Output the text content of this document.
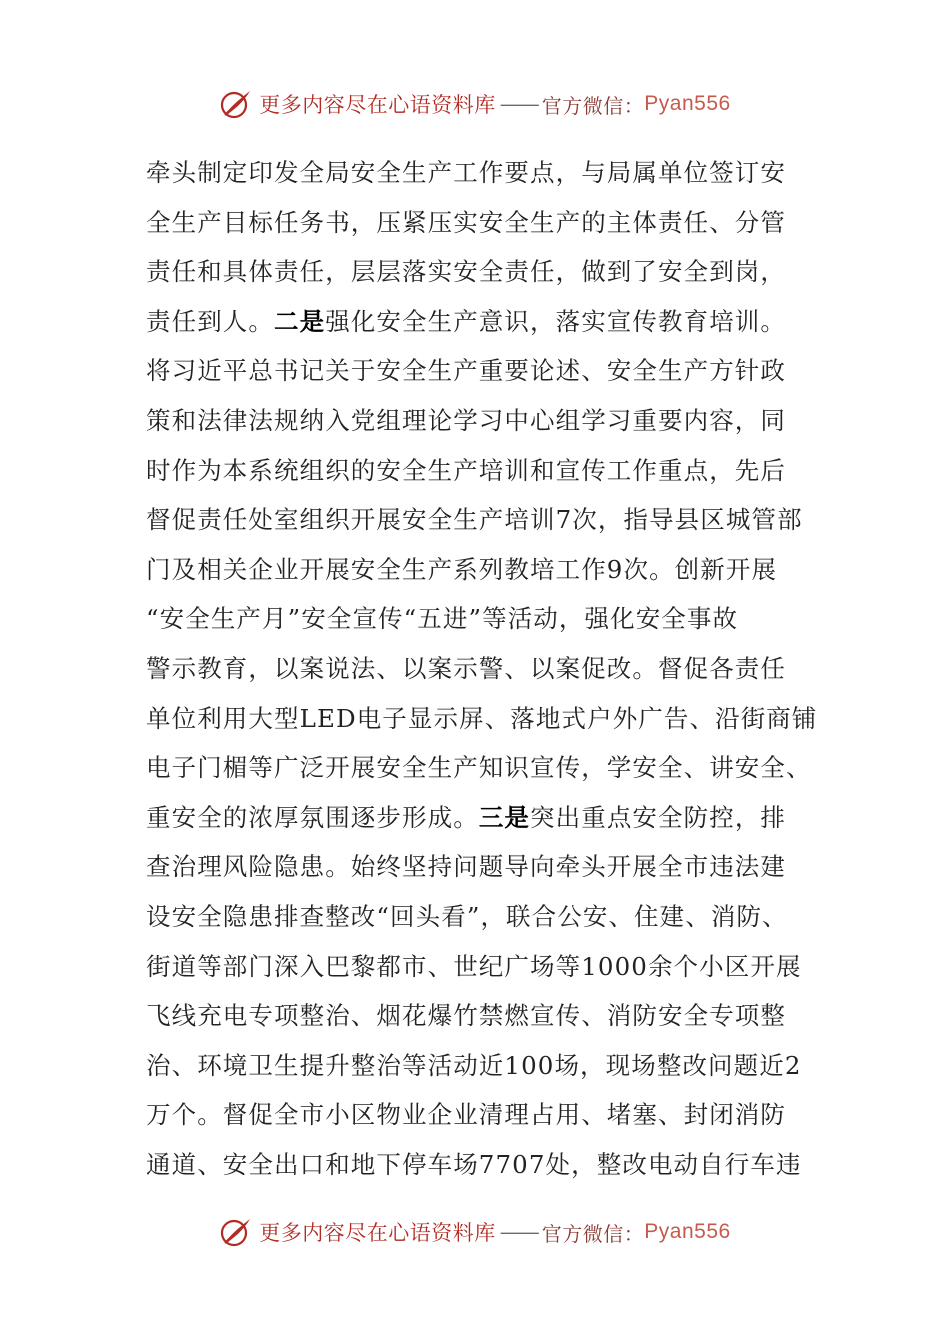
更多内容尽在心语资料库 —— 官方微信： Pyan556
牵头制定印发全局安全生产工作要点，与局属单位签订安
全生产目标任务书，压紧压实安全生产的主体责任、分管
责任和具体责任，层层落实安全责任，做到了安全到岗，
责任到人。二是强化安全生产意识，落实宣传教育培训。
将习近平总书记关于安全生产重要论述、安全生产方针政
策和法律法规纳入党组理论学习中心组学习重要内容，同
时作为本系统组织的安全生产培训和宣传工作重点，先后
督促责任处室组织开展安全生产培训7次，指导县区城管部
门及相关企业开展安全生产系列教培工作9次。创新开展
“安全生产月”安全宣传“五进”等活动，强化安全事故
警示教育，以案说法、以案示警、以案促改。督促各责任
单位利用大型LED电子显示屏、落地式户外广告、沿街商铺
电子门楣等广泛开展安全生产知识宣传，学安全、讲安全、
重安全的浓厚氛围逐步形成。三是突出重点安全防控，排
查治理风险隐患。始终坚持问题导向牵头开展全市违法建
设安全隐患排查整改“回头看”，联合公安、住建、消防、
街道等部门深入巴黎都市、世纪广场等1000余个小区开展
飞线充电专项整治、烟花爆竹禁燃宣传、消防安全专项整
治、环境卫生提升整治等活动近100场，现场整改问题近2
万个。督促全市小区物业企业清理占用、堵塞、封闭消防
通道、安全出口和地下停车场7707处，整改电动自行车违
更多内容尽在心语资料库 —— 官方微信： Pyan556
